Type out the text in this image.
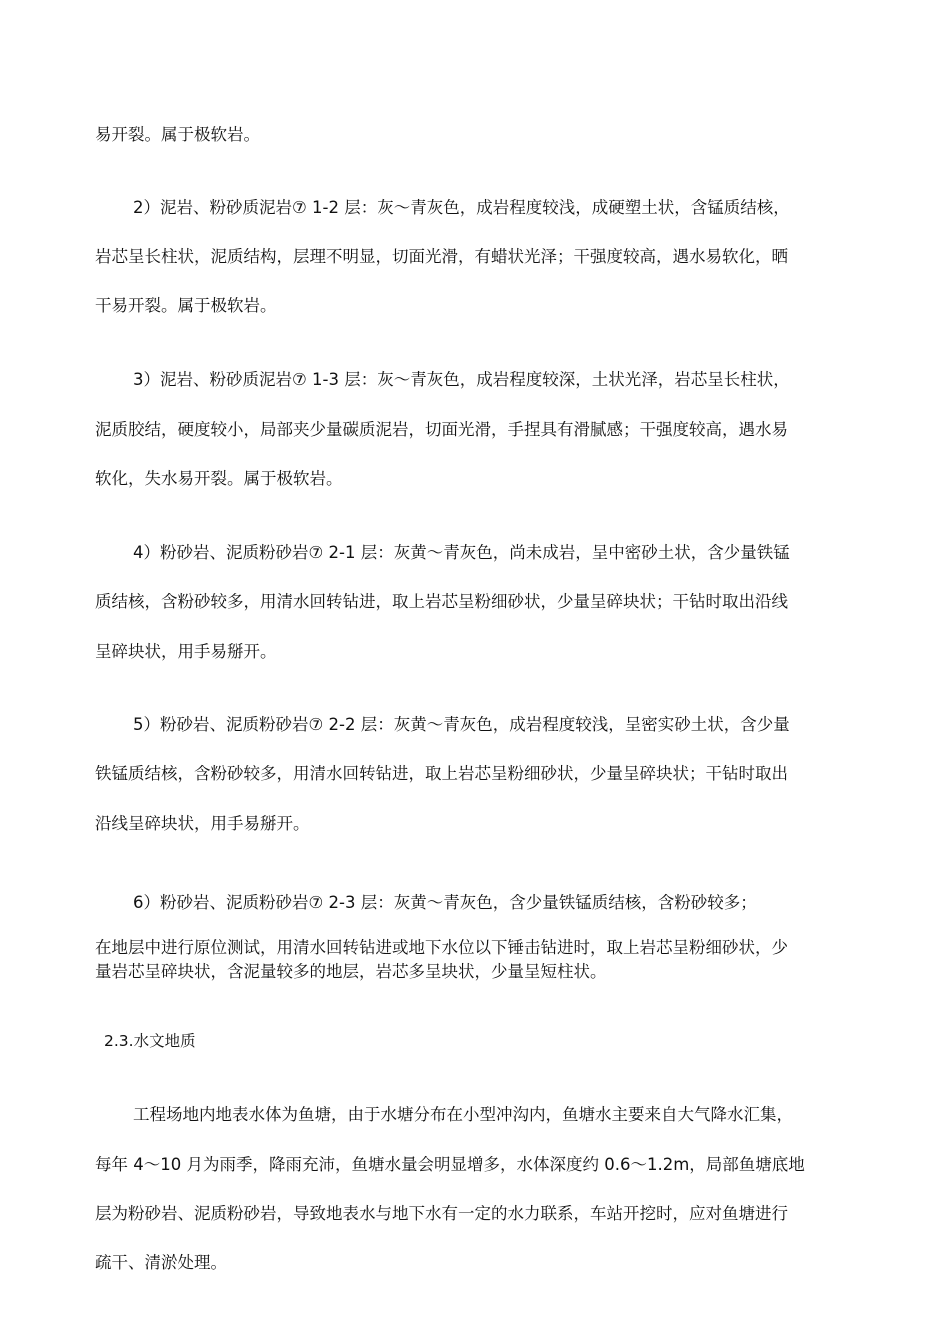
易开裂。属于极软岩。

2）泥岩、粉砂质泥岩⑦ 1-2 层：灰～青灰色，成岩程度较浅，成硬塑土状，含锰质结核，

岩芯呈长柱状，泥质结构，层理不明显，切面光滑，有蜡状光泽；干强度较高，遇水易软化，晒

干易开裂。属于极软岩。

3）泥岩、粉砂质泥岩⑦ 1-3 层：灰～青灰色，成岩程度较深，土状光泽，岩芯呈长柱状，

泥质胶结，硬度较小，局部夹少量碳质泥岩，切面光滑，手捏具有滑腻感；干强度较高，遇水易

软化，失水易开裂。属于极软岩。

4）粉砂岩、泥质粉砂岩⑦ 2-1 层：灰黄～青灰色，尚未成岩，呈中密砂土状，含少量铁锰

质结核，含粉砂较多，用清水回转钻进，取上岩芯呈粉细砂状，少量呈碎块状；干钻时取出沿线

呈碎块状，用手易掰开。

5）粉砂岩、泥质粉砂岩⑦ 2-2 层：灰黄～青灰色，成岩程度较浅，呈密实砂土状，含少量

铁锰质结核，含粉砂较多，用清水回转钻进，取上岩芯呈粉细砂状，少量呈碎块状；干钻时取出

沿线呈碎块状，用手易掰开。

6）粉砂岩、泥质粉砂岩⑦ 2-3 层：灰黄～青灰色，含少量铁锰质结核，含粉砂较多；

在地层中进行原位测试，用清水回转钻进或地下水位以下锤击钻进时，取上岩芯呈粉细砂状，少

量岩芯呈碎块状，含泥量较多的地层，岩芯多呈块状，少量呈短柱状。

2.3.水文地质

工程场地内地表水体为鱼塘，由于水塘分布在小型冲沟内，鱼塘水主要来自大气降水汇集，

每年 4～10 月为雨季，降雨充沛，鱼塘水量会明显增多，水体深度约 0.6～1.2m，局部鱼塘底地

层为粉砂岩、泥质粉砂岩，导致地表水与地下水有一定的水力联系，车站开挖时，应对鱼塘进行

疏干、清淤处理。
